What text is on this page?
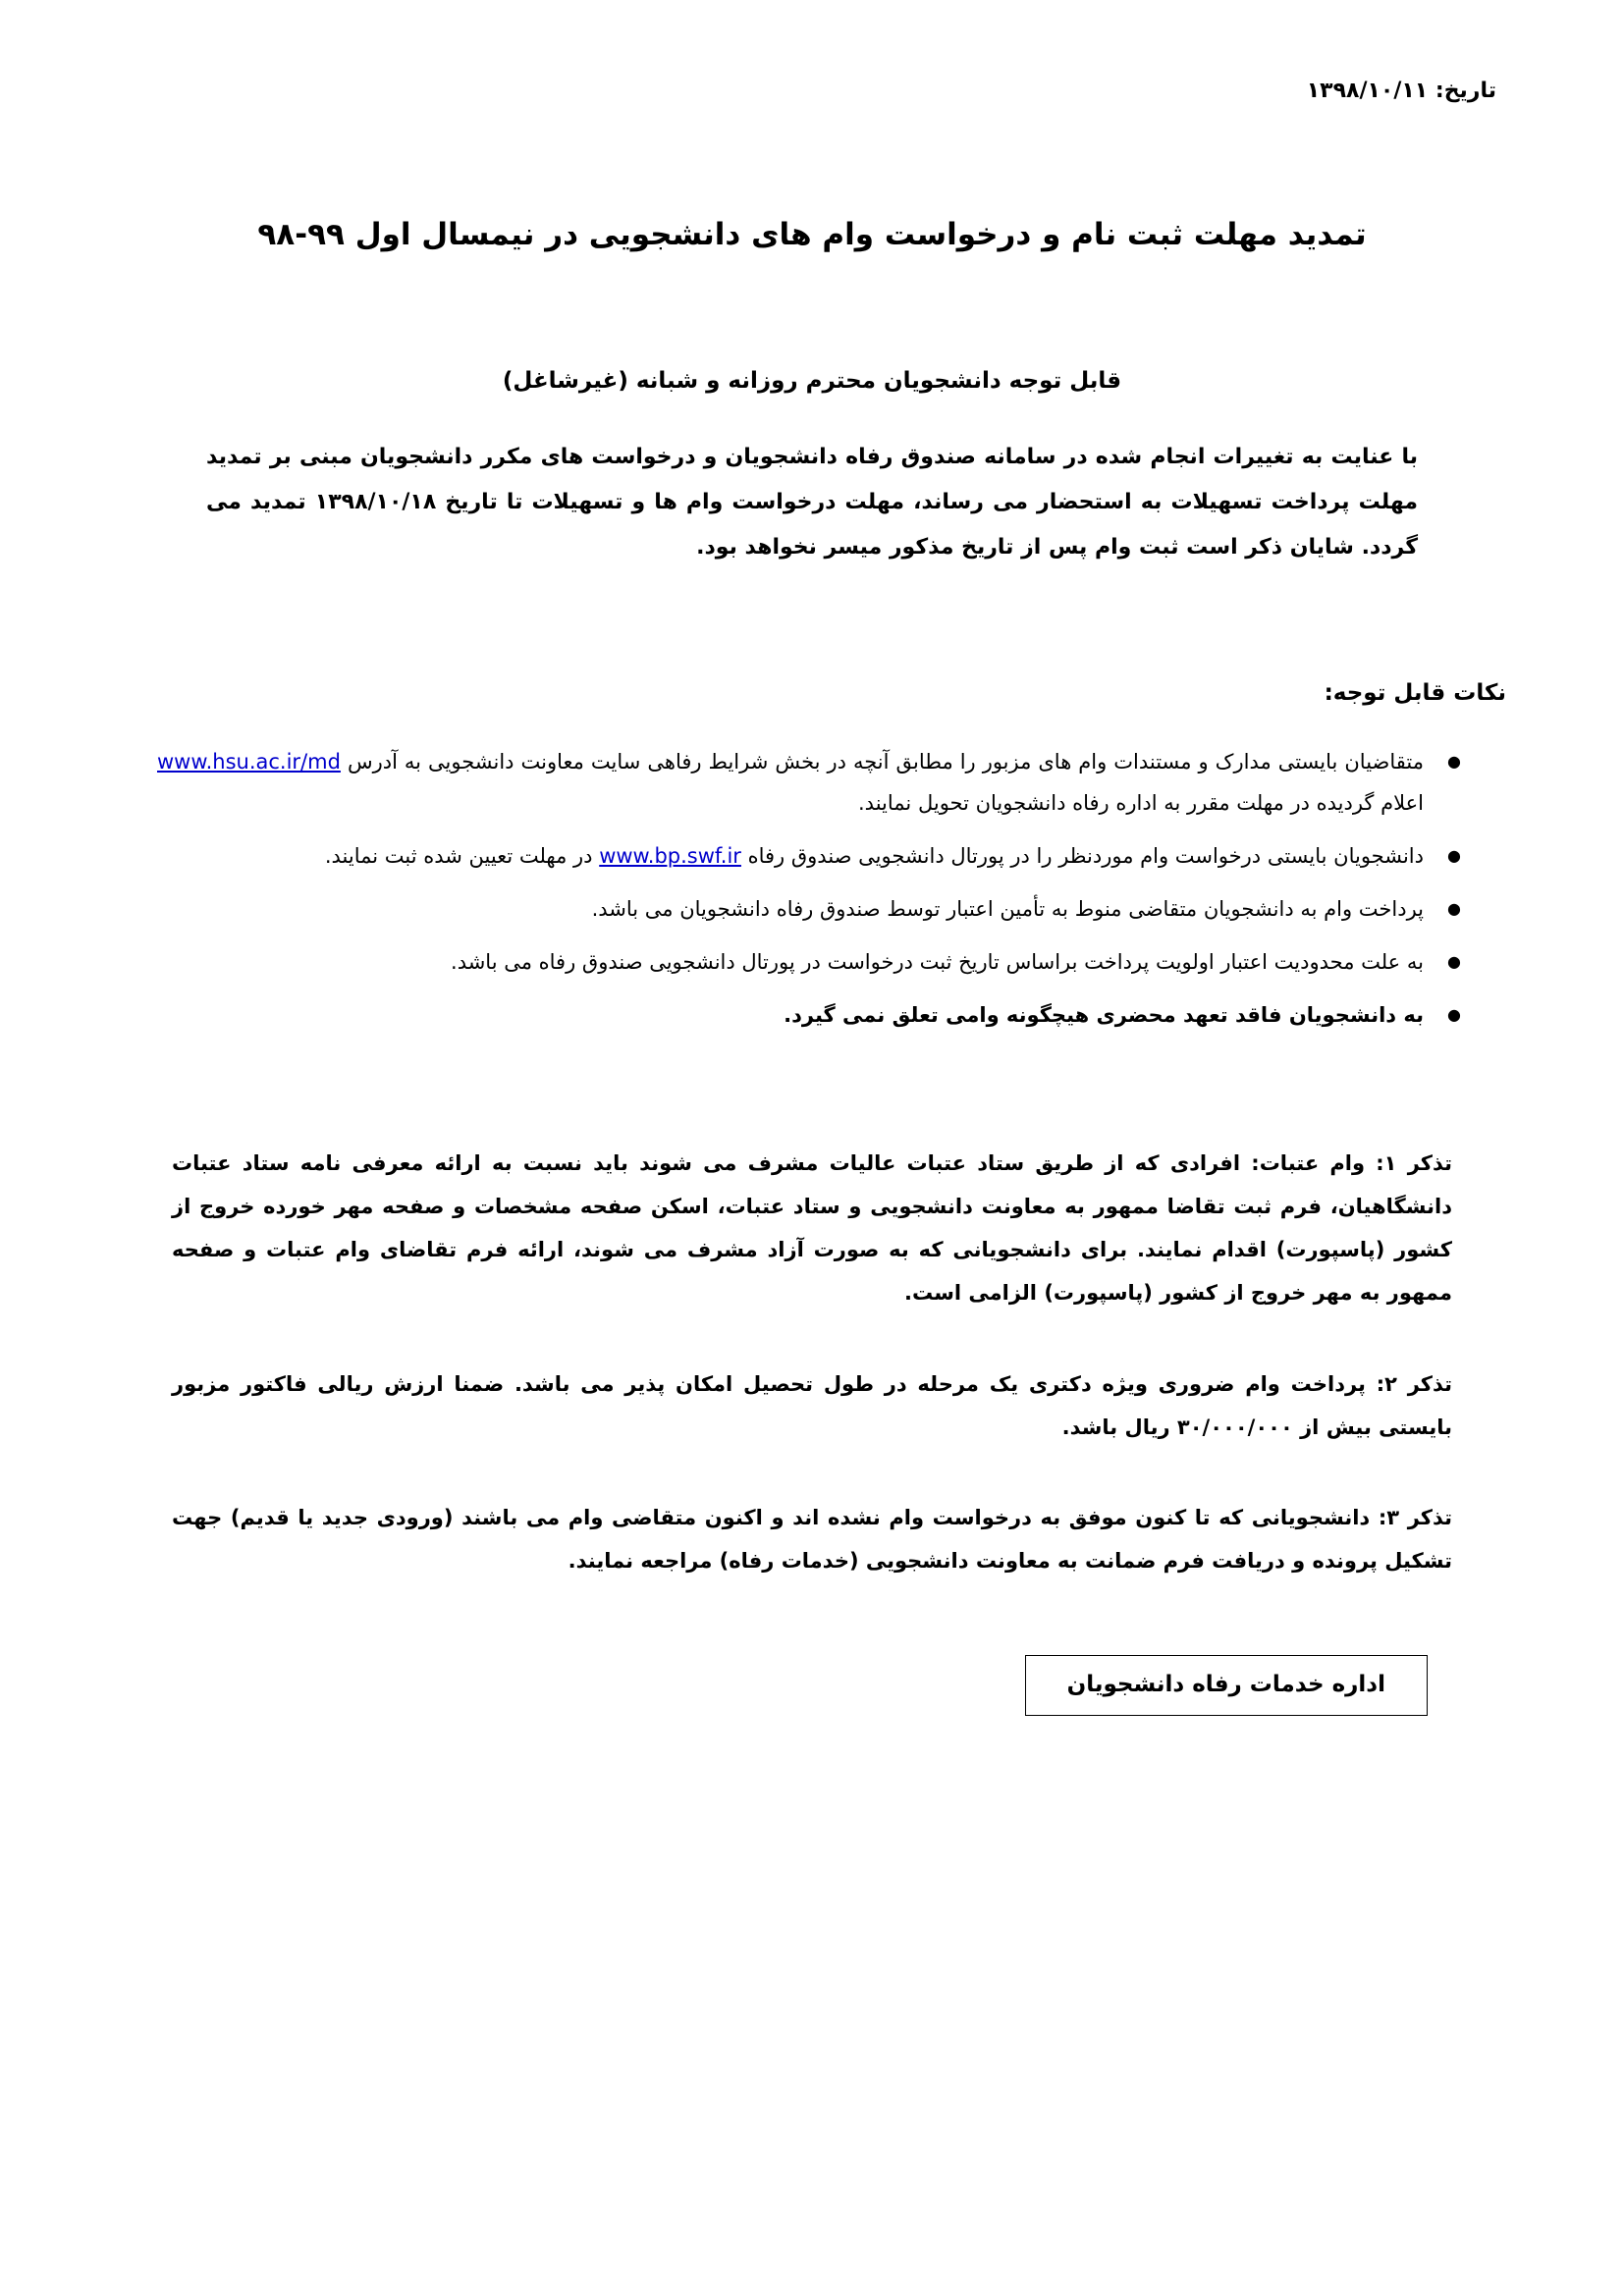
تاریخ: ۱۳۹۸/۱۰/۱۱
تمدید مهلت ثبت نام و درخواست وام های دانشجویی در نیمسال اول ۹۹-۹۸
قابل توجه دانشجویان محترم روزانه و شبانه (غیرشاغل)

با عنایت به تغییرات انجام شده در سامانه صندوق رفاه دانشجویان و درخواست های مکرر دانشجویان مبنی بر تمدید مهلت پرداخت تسهیلات به استحضار می رساند، مهلت درخواست وام ها و تسهیلات تا تاریخ ۱۳۹۸/۱۰/۱۸ تمدید می گردد. شایان ذکر است ثبت وام پس از تاریخ مذکور میسر نخواهد بود.

نکات قابل توجه:
● متقاضیان بایستی مدارک و مستندات وام های مزبور را مطابق آنچه در بخش شرایط رفاهی سایت معاونت دانشجویی به آدرس www.hsu.ac.ir/md اعلام گردیده در مهلت مقرر به اداره رفاه دانشجویان تحویل نمایند.
● دانشجویان بایستی درخواست وام موردنظر را در پورتال دانشجویی صندوق رفاه www.bp.swf.ir در مهلت تعیین شده ثبت نمایند.
● پرداخت وام به دانشجویان متقاضی منوط به تأمین اعتبار توسط صندوق رفاه دانشجویان می باشد.
● به علت محدودیت اعتبار اولویت پرداخت براساس تاریخ ثبت درخواست در پورتال دانشجویی صندوق رفاه می باشد.
● به دانشجویان فاقد تعهد محضری هیچگونه وامی تعلق نمی گیرد.

تذکر ۱: وام عتبات: افرادی که از طریق ستاد عتبات عالیات مشرف می شوند باید نسبت به ارائه معرفی نامه ستاد عتبات دانشگاهیان، فرم ثبت تقاضا ممهور به معاونت دانشجویی و ستاد عتبات، اسکن صفحه مشخصات و صفحه مهر خورده خروج از کشور (پاسپورت) اقدام نمایند. برای دانشجویانی که به صورت آزاد مشرف می شوند، ارائه فرم تقاضای وام عتبات و صفحه ممهور به مهر خروج از کشور (پاسپورت) الزامی است.

تذکر ۲: پرداخت وام ضروری ویژه دکتری یک مرحله در طول تحصیل امکان پذیر می باشد. ضمنا ارزش ریالی فاکتور مزبور بایستی بیش از ۳۰/۰۰۰/۰۰۰ ریال باشد.

تذکر ۳: دانشجویانی که تا کنون موفق به درخواست وام نشده اند و اکنون متقاضی وام می باشند (ورودی جدید یا قدیم) جهت تشکیل پرونده و دریافت فرم ضمانت به معاونت دانشجویی (خدمات رفاه) مراجعه نمایند.

اداره خدمات رفاه دانشجویان
